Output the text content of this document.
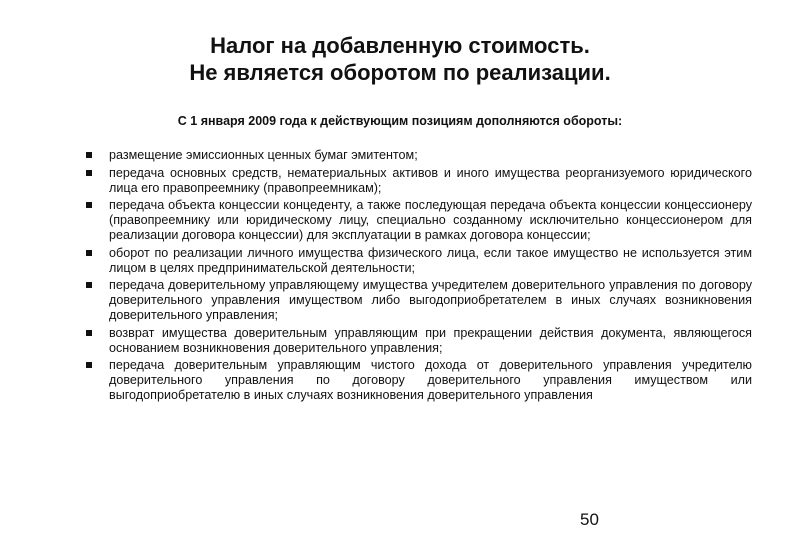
Налог на добавленную стоимость.
Не является оборотом по реализации.

С 1 января 2009 года к действующим позициям дополняются обороты:

размещение эмиссионных ценных бумаг эмитентом;
передача основных средств, нематериальных активов и иного имущества реорганизуемого юридического лица его правопреемнику (правопреемникам);
передача объекта концессии концеденту, а также последующая передача объекта концессии концессионеру (правопреемнику или юридическому лицу, специально созданному исключительно концессионером для реализации договора концессии) для эксплуатации в рамках договора концессии;
оборот по реализации личного имущества физического лица, если такое имущество не используется этим лицом в целях предпринимательской деятельности;
передача доверительному управляющему имущества учредителем доверительного управления по договору доверительного управления имуществом либо выгодоприобретателем в иных случаях возникновения доверительного управления;
возврат имущества доверительным управляющим при прекращении действия документа, являющегося основанием возникновения доверительного управления;
передача доверительным управляющим чистого дохода от доверительного управления учредителю доверительного управления по договору доверительного управления имуществом или выгодоприобретателю в иных случаях возникновения доверительного управления

50
